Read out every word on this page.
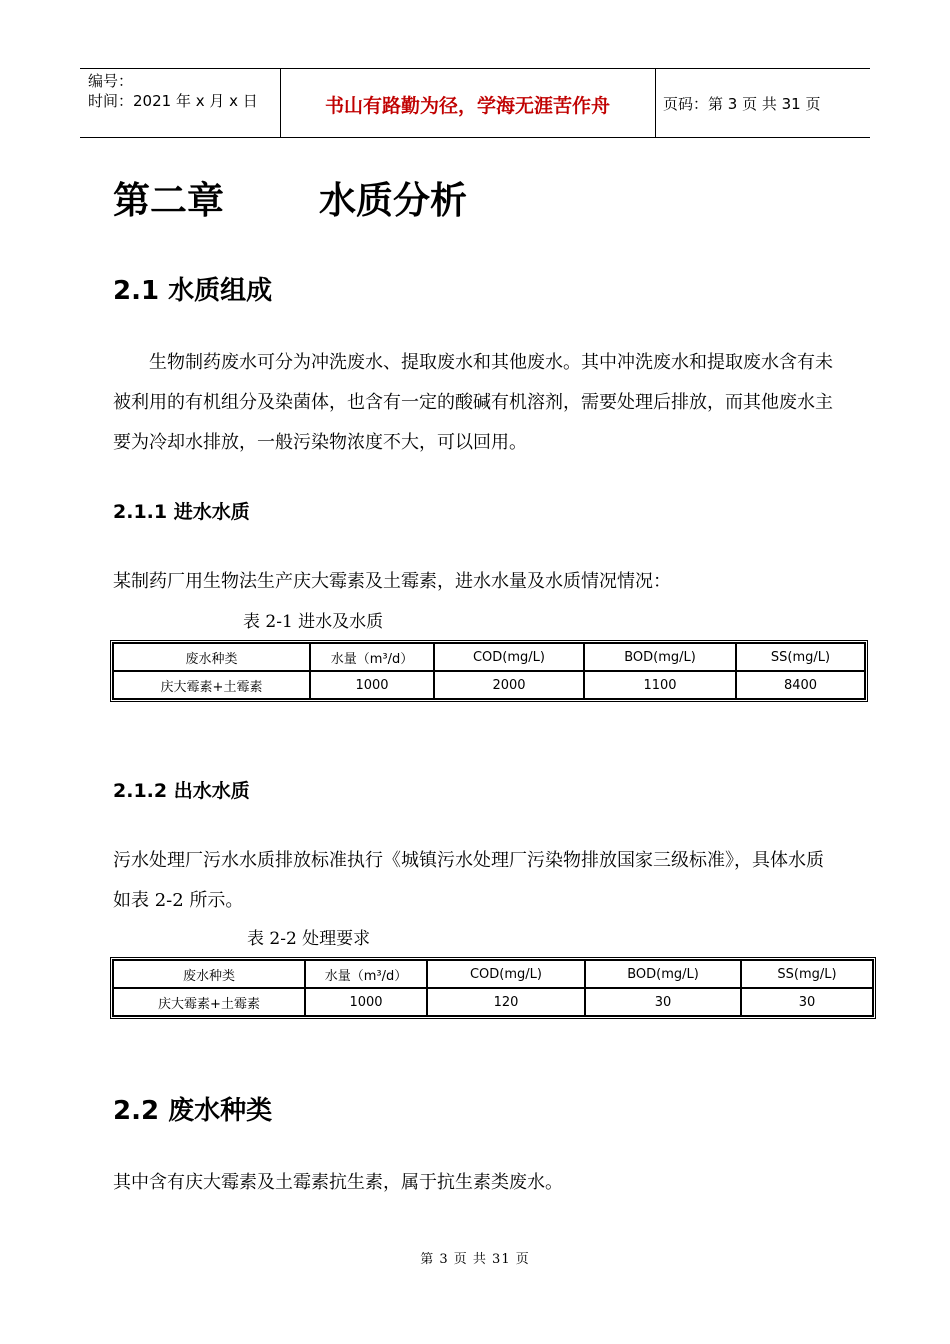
编号：
时间：2021 年 x 月 x 日	书山有路勤为径，学海无涯苦作舟	页码：第 3 页 共 31 页
第二章	水质分析
2.1 水质组成
生物制药废水可分为冲洗废水、提取废水和其他废水。其中冲洗废水和提取废水含有未被利用的有机组分及染菌体，也含有一定的酸碱有机溶剂，需要处理后排放，而其他废水主要为冷却水排放，一般污染物浓度不大，可以回用。
2.1.1 进水水质
某制药厂用生物法生产庆大霉素及土霉素，进水水量及水质情况情况：
表 2-1 进水及水质
废水种类	水量（m³/d）	COD(mg/L)	BOD(mg/L)	SS(mg/L)
庆大霉素+土霉素	1000	2000	1100	8400
2.1.2 出水水质
污水处理厂污水水质排放标准执行《城镇污水处理厂污染物排放国家三级标准》，具体水质如表 2-2 所示。
表 2-2 处理要求
废水种类	水量（m³/d）	COD(mg/L)	BOD(mg/L)	SS(mg/L)
庆大霉素+土霉素	1000	120	30	30
2.2 废水种类
其中含有庆大霉素及土霉素抗生素，属于抗生素类废水。
第 3 页 共 31 页
